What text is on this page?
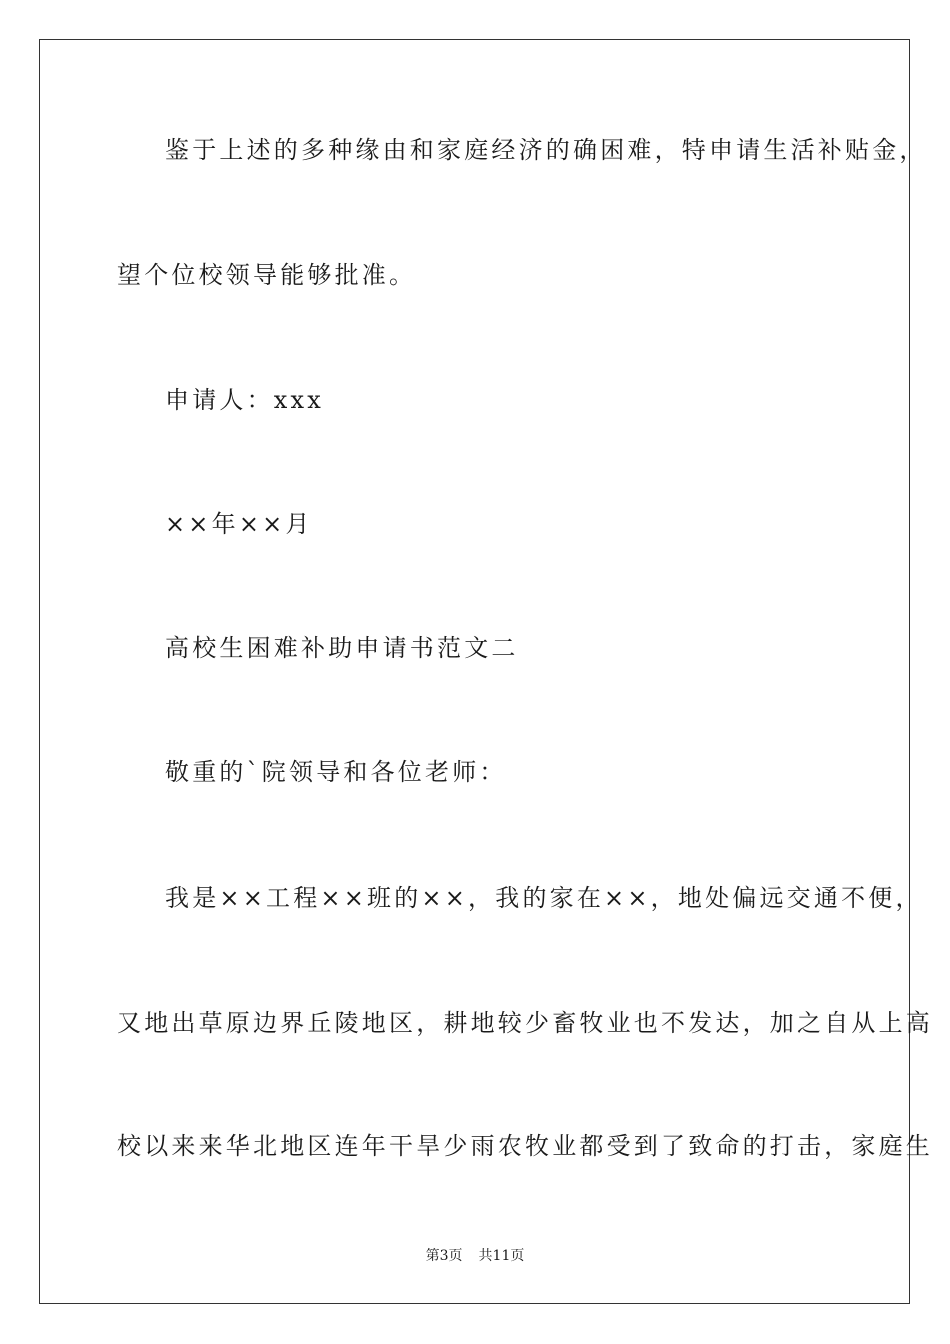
鉴于上述的多种缘由和家庭经济的确困难，特申请生活补贴金，
望个位校领导能够批准。
申请人：xxx
××年××月
高校生困难补助申请书范文二
敬重的`院领导和各位老师：
我是××工程××班的××，我的家在××，地处偏远交通不便，
又地出草原边界丘陵地区，耕地较少畜牧业也不发达，加之自从上高
校以来来华北地区连年干旱少雨农牧业都受到了致命的打击，家庭生
第3页 共11页
